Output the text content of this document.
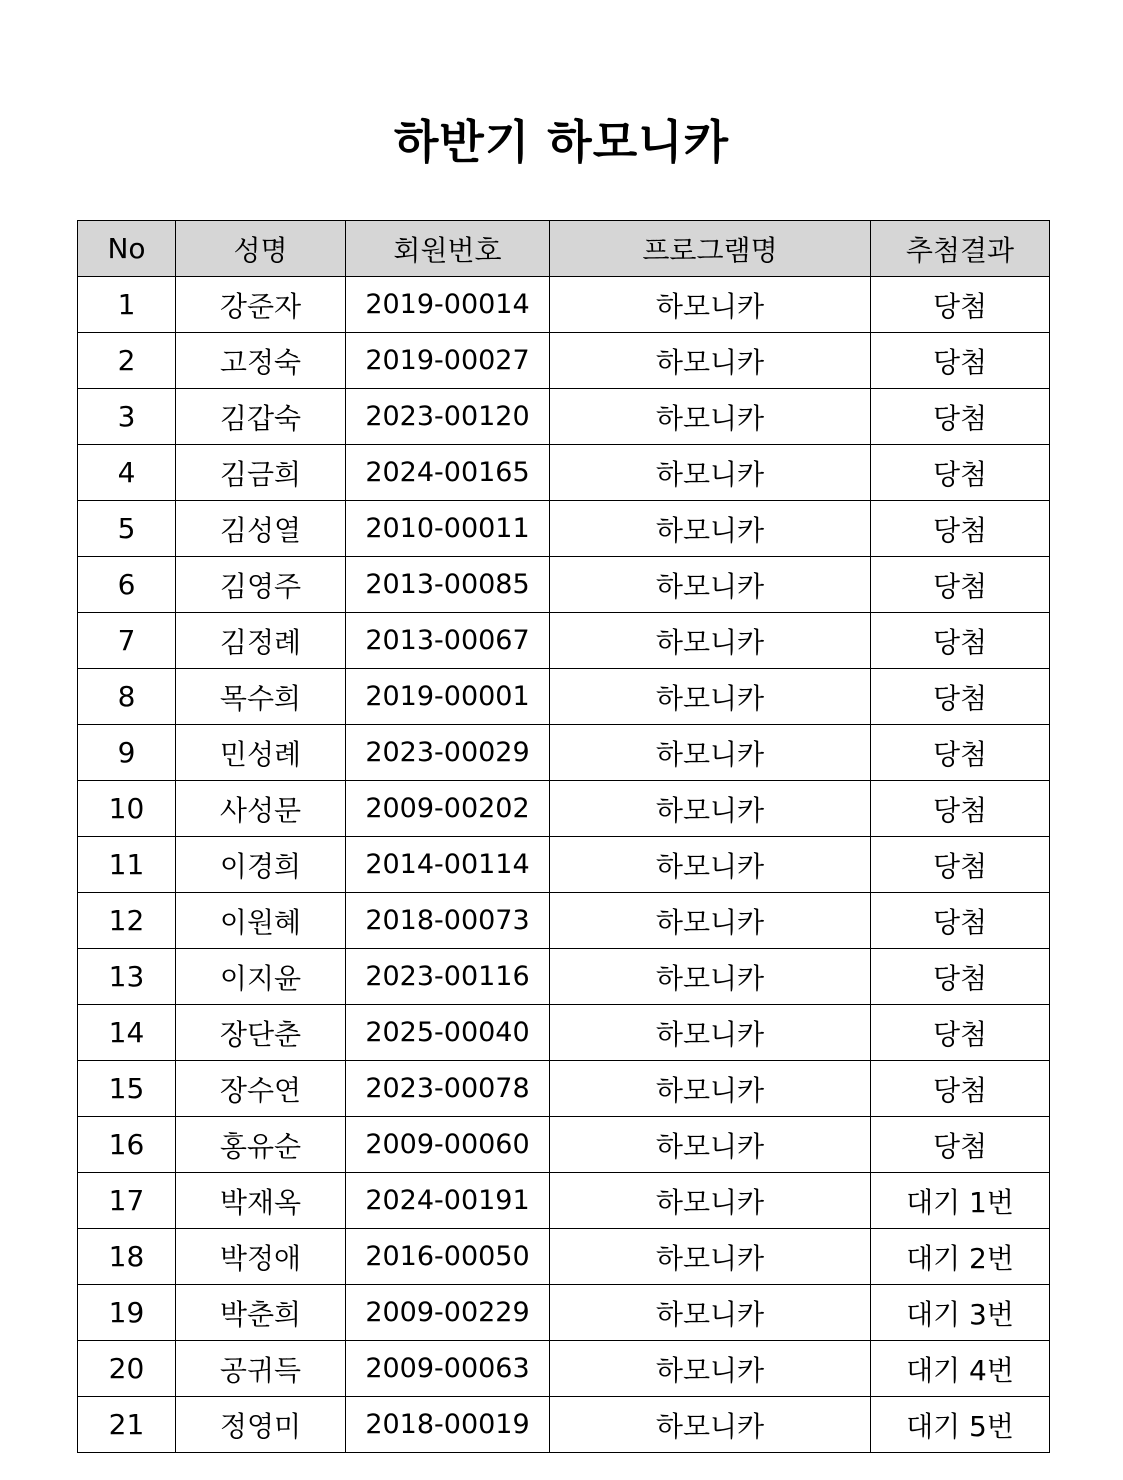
하반기 하모니카
No	성명	회원번호	프로그램명	추첨결과
1	강준자	2019-00014	하모니카	당첨
2	고정숙	2019-00027	하모니카	당첨
3	김갑숙	2023-00120	하모니카	당첨
4	김금희	2024-00165	하모니카	당첨
5	김성열	2010-00011	하모니카	당첨
6	김영주	2013-00085	하모니카	당첨
7	김정례	2013-00067	하모니카	당첨
8	목수희	2019-00001	하모니카	당첨
9	민성례	2023-00029	하모니카	당첨
10	사성문	2009-00202	하모니카	당첨
11	이경희	2014-00114	하모니카	당첨
12	이원혜	2018-00073	하모니카	당첨
13	이지윤	2023-00116	하모니카	당첨
14	장단춘	2025-00040	하모니카	당첨
15	장수연	2023-00078	하모니카	당첨
16	홍유순	2009-00060	하모니카	당첨
17	박재옥	2024-00191	하모니카	대기 1번
18	박정애	2016-00050	하모니카	대기 2번
19	박춘희	2009-00229	하모니카	대기 3번
20	공귀득	2009-00063	하모니카	대기 4번
21	정영미	2018-00019	하모니카	대기 5번
